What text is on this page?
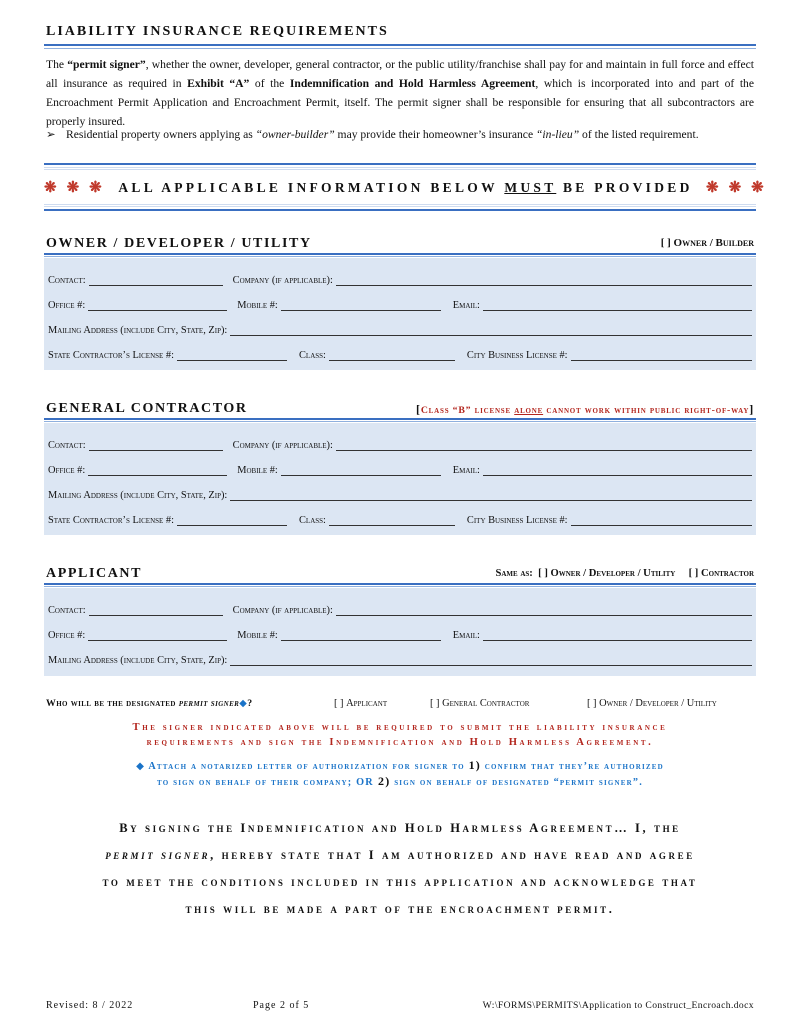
LIABILITY INSURANCE REQUIREMENTS

The “permit signer”, whether the owner, developer, general contractor, or the public utility/franchise shall pay for and maintain in full force and effect all insurance as required in Exhibit “A” of the Indemnification and Hold Harmless Agreement, which is incorporated into and part of the Encroachment Permit Application and Encroachment Permit, itself. The permit signer shall be responsible for ensuring that all subcontractors are properly insured.

➢ Residential property owners applying as “owner-builder” may provide their homeowner’s insurance “in-lieu” of the listed requirement.
❋ ❋ ❋ ALL APPLICABLE INFORMATION BELOW MUST BE PROVIDED ❋ ❋ ❋
OWNER / DEVELOPER / UTILITY	[ ] Owner / Builder
Contact:	Company (if applicable):
Office #:	Mobile #:	Email:
Mailing Address (include City, State, Zip):
State Contractor’s License #:	Class:	City Business License #:
GENERAL CONTRACTOR	[Class “B” license alone cannot work within public right-of-way]
Contact:	Company (if applicable):
Office #:	Mobile #:	Email:
Mailing Address (include City, State, Zip):
State Contractor’s License #:	Class:	City Business License #:
APPLICANT	Same as: [ ] Owner / Developer / Utility [ ] Contractor
Contact:	Company (if applicable):
Office #:	Mobile #:	Email:
Mailing Address (include City, State, Zip):
Who will be the designated permit signer◆?	[ ] Applicant	[ ] General Contractor	[ ] Owner / Developer / Utility
The signer indicated above will be required to submit the liability insurance
requirements and sign the Indemnification and Hold Harmless Agreement.
◆ Attach a notarized letter of authorization for signer to 1) confirm that they’re authorized
to sign on behalf of their company; OR 2) sign on behalf of designated “permit signer”.
By signing the Indemnification and Hold Harmless Agreement… I, the
permit signer, hereby state that I am authorized and have read and agree
to meet the conditions included in this application and acknowledge that
this will be made a part of the encroachment permit.
Revised: 8 / 2022	Page 2 of 5	W:\FORMS\PERMITS\Application to Construct_Encroach.docx
